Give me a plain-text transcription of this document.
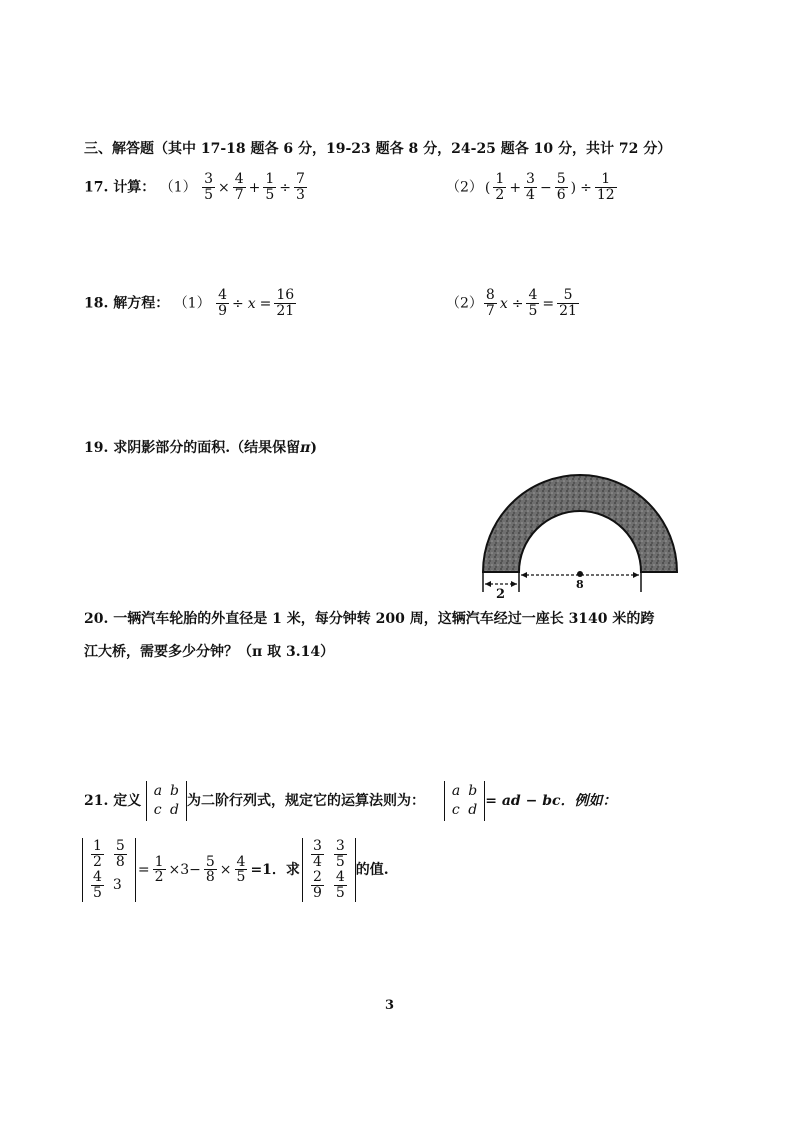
三、解答题（其中 17-18 题各 6 分，19-23 题各 8 分，24-25 题各 10 分，共计 72 分）
17. 计算： $(1) \frac{3}{5} \times \frac{4}{7} + \frac{1}{5} \div \frac{7}{3}$	（2） ( $\frac{1}{2} + \frac{3}{4} - \frac{5}{6}$ ) ÷ $\frac{1}{12}$
18. 解方程： $(1) \frac{4}{9} \div x = \frac{16}{21}$	$(2) \frac{8}{7}$ $x \div \frac{4}{5} = \frac{5}{21}$
19. 求阴影部分的面积.（结果保留π)
2
8
20. 一辆汽车轮胎的外直径是 1 米，每分钟转 200 周，这辆汽车经过一座长 3140 米的跨
江大桥，需要多少分钟？（π 取 3.14）
21. 定义
a	b
c	d
为二阶行列式，规定它的运算法则为：
a	b
c	d
= ad − bc．例如：
$\frac{1}{2}$	$\frac{5}{8}$

$\frac{4}{5}$	3
= $\frac{1}{2} \times 3- \frac{5}{8} \times \frac{4}{5} =1$．求 $\frac{3}{4}$	$\frac{3}{5}$

$\frac{2}{9}$	$\frac{4}{5}$ 的值.
3
